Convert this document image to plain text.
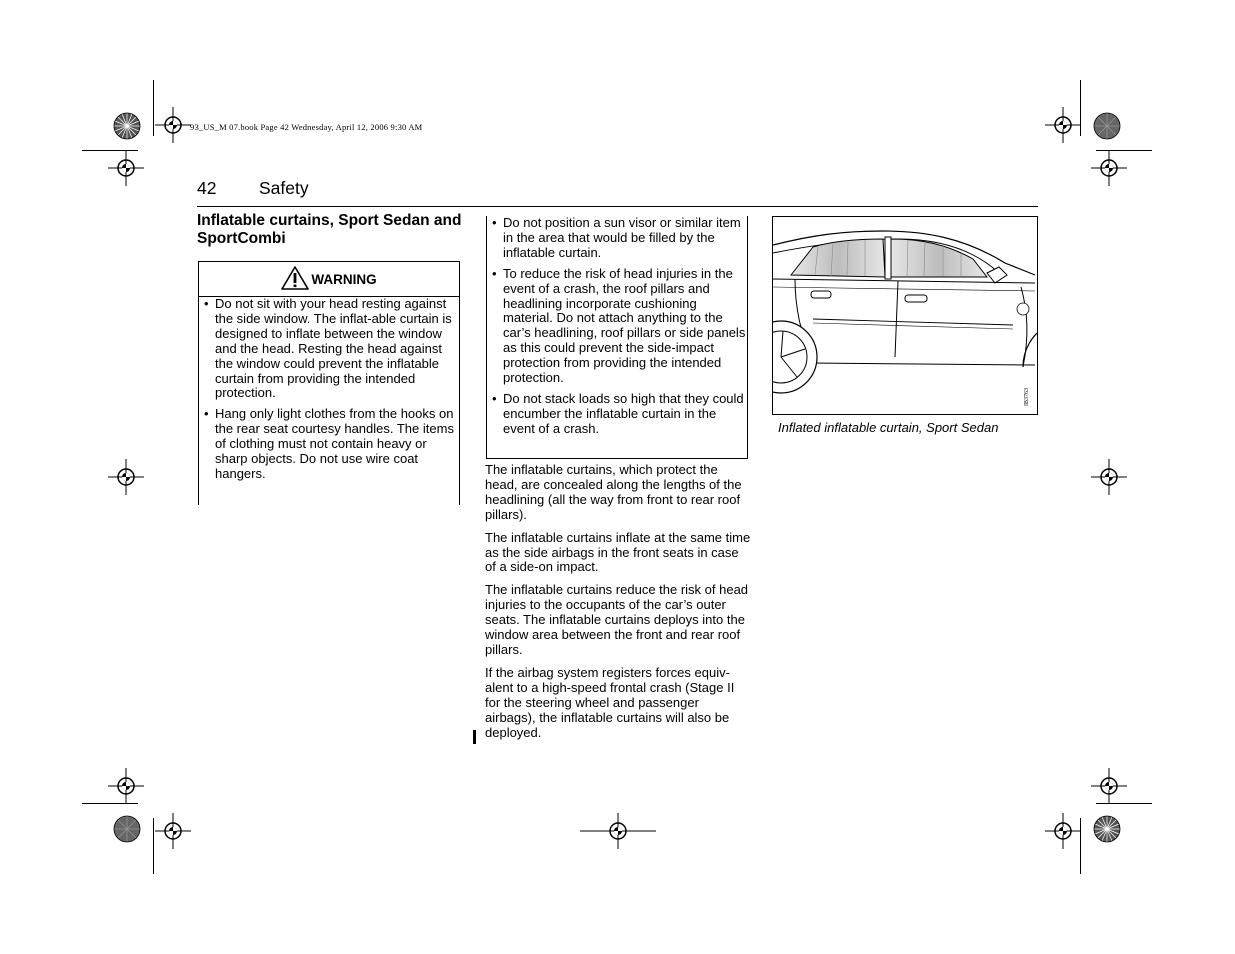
93_US_M 07.book Page 42 Wednesday, April 12, 2006 9:30 AM
42 Safety
Inflatable curtains, Sport Sedan and SportCombi
WARNING
• Do not sit with your head resting against the side window. The inflat-able curtain is designed to inflate between the window and the head. Resting the head against the window could prevent the inflatable curtain from providing the intended protection.
• Hang only light clothes from the hooks on the rear seat courtesy handles. The items of clothing must not contain heavy or sharp objects. Do not use wire coat hangers.
• Do not position a sun visor or similar item in the area that would be filled by the inflatable curtain.
• To reduce the risk of head injuries in the event of a crash, the roof pillars and headlining incorporate cushioning material. Do not attach anything to the car’s headlining, roof pillars or side panels as this could prevent the side-impact protection from providing the intended protection.
• Do not stack loads so high that they could encumber the inflatable curtain in the event of a crash.

The inflatable curtains, which protect the head, are concealed along the lengths of the headlining (all the way from front to rear roof pillars).

The inflatable curtains inflate at the same time as the side airbags in the front seats in case of a side-on impact.

The inflatable curtains reduce the risk of head injuries to the occupants of the car’s outer seats. The inflatable curtains deploys into the window area between the front and rear roof pillars.

If the airbag system registers forces equiv-alent to a high-speed frontal crash (Stage II for the steering wheel and passenger airbags), the inflatable curtains will also be deployed.

IB3763
Inflated inflatable curtain, Sport Sedan
